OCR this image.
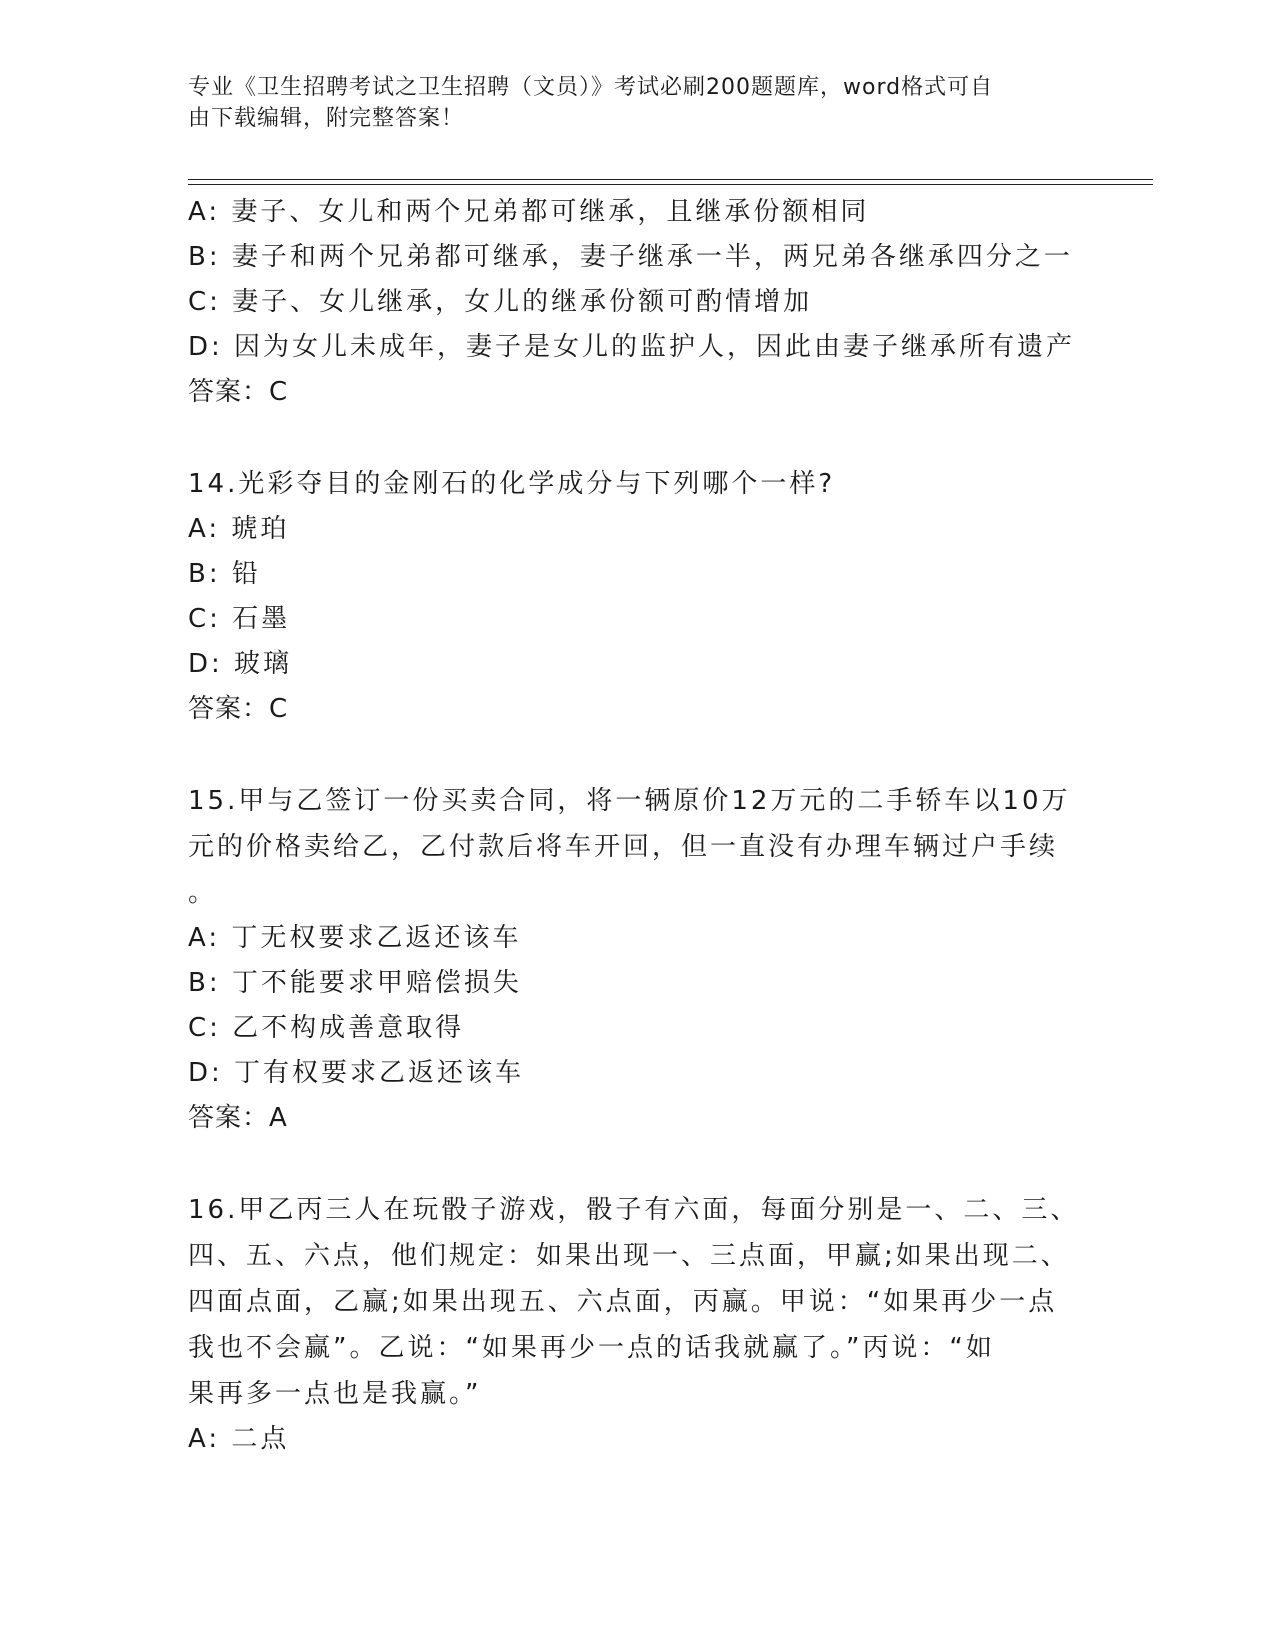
专业《卫生招聘考试之卫生招聘（文员）》考试必刷200题题库，word格式可自
由下载编辑，附完整答案！
A: 妻子、女儿和两个兄弟都可继承，且继承份额相同
B: 妻子和两个兄弟都可继承，妻子继承一半，两兄弟各继承四分之一
C: 妻子、女儿继承，女儿的继承份额可酌情增加
D: 因为女儿未成年，妻子是女儿的监护人，因此由妻子继承所有遗产
答案：C
14.光彩夺目的金刚石的化学成分与下列哪个一样?
A: 琥珀
B: 铅
C: 石墨
D: 玻璃
答案：C
15.甲与乙签订一份买卖合同，将一辆原价12万元的二手轿车以10万
元的价格卖给乙，乙付款后将车开回，但一直没有办理车辆过户手续
。
A: 丁无权要求乙返还该车
B: 丁不能要求甲赔偿损失
C: 乙不构成善意取得
D: 丁有权要求乙返还该车
答案：A
16.甲乙丙三人在玩骰子游戏，骰子有六面，每面分别是一、二、三、
四、五、六点，他们规定：如果出现一、三点面，甲赢;如果出现二、
四面点面，乙赢;如果出现五、六点面，丙赢。甲说：“如果再少一点
我也不会赢”。乙说：“如果再少一点的话我就赢了。”丙说：“如
果再多一点也是我赢。”
A: 二点
